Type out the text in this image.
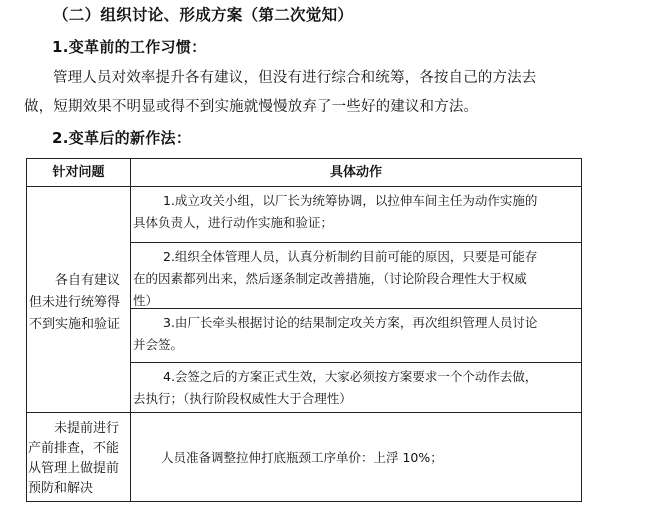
（二）组织讨论、形成方案（第二次觉知）
1.变革前的工作习惯：
管理人员对效率提升各有建议，但没有进行综合和统筹，各按自己的方法去
做，短期效果不明显或得不到实施就慢慢放弃了一些好的建议和方法。
2.变革后的新作法：
针对问题	具体动作
各自有建议
但未进行统筹得
不到实施和验证
1.成立攻关小组，以厂长为统筹协调，以拉伸车间主任为动作实施的
具体负责人，进行动作实施和验证；
2.组织全体管理人员，认真分析制约目前可能的原因，只要是可能存
在的因素都列出来，然后逐条制定改善措施，（讨论阶段合理性大于权威
性）
3.由厂长牵头根据讨论的结果制定攻关方案，再次组织管理人员讨论
并会签。
4.会签之后的方案正式生效，大家必须按方案要求一个个动作去做，
去执行；（执行阶段权威性大于合理性）
未提前进行
产前排查，不能
从管理上做提前
预防和解决
人员准备调整拉伸打底瓶颈工序单价：上浮 10%；
